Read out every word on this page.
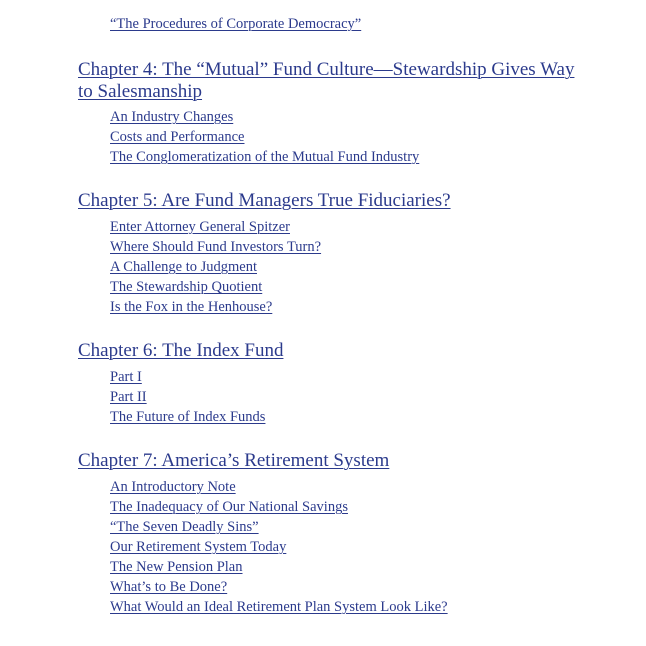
“The Procedures of Corporate Democracy”
Chapter 4: The “Mutual” Fund Culture—Stewardship Gives Way to Salesmanship
An Industry Changes
Costs and Performance
The Conglomeratization of the Mutual Fund Industry
Chapter 5: Are Fund Managers True Fiduciaries?
Enter Attorney General Spitzer
Where Should Fund Investors Turn?
A Challenge to Judgment
The Stewardship Quotient
Is the Fox in the Henhouse?
Chapter 6: The Index Fund
Part I
Part II
The Future of Index Funds
Chapter 7: America’s Retirement System
An Introductory Note
The Inadequacy of Our National Savings
“The Seven Deadly Sins”
Our Retirement System Today
The New Pension Plan
What’s to Be Done?
What Would an Ideal Retirement Plan System Look Like?
